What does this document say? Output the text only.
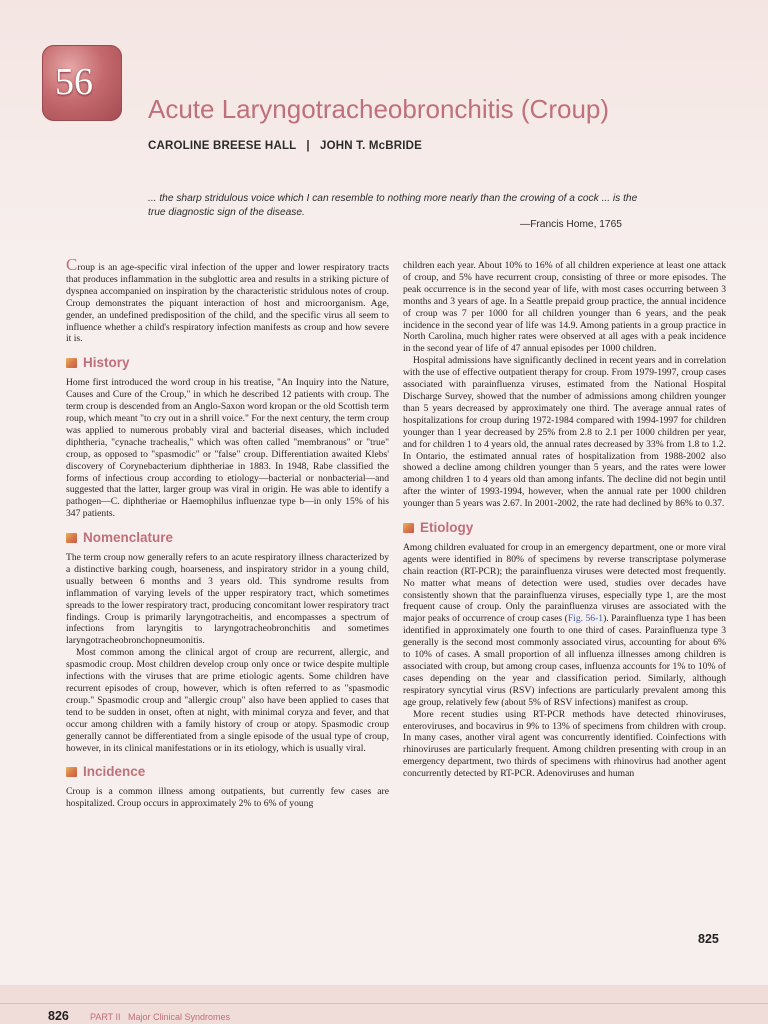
56
Acute Laryngotracheobronchitis (Croup)
CAROLINE BREESE HALL   |   JOHN T. McBRIDE
... the sharp stridulous voice which I can resemble to nothing more nearly than the crowing of a cock ... is the true diagnostic sign of the disease.
—Francis Home, 1765

Croup is an age-specific viral infection of the upper and lower respiratory tracts that produces inflammation in the subglottic area and results in a striking picture of dyspnea accompanied on inspiration by the characteristic stridulous notes of croup. Croup demonstrates the piquant interaction of host and microorganism. Age, gender, an undefined predisposition of the child, and the specific virus all seem to influence whether a child's respiratory infection manifests as croup and how severe it is.

History

Home first introduced the word croup in his treatise, "An Inquiry into the Nature, Causes and Cure of the Croup," in which he described 12 patients with croup. The term croup is descended from an Anglo-Saxon word kropan or the old Scottish term roup, which meant "to cry out in a shrill voice." For the next century, the term croup was applied to numerous probably viral and bacterial diseases, which included diphtheria, "cynache trachealis," which was often called "membranous" or "true" croup, as opposed to "spasmodic" or "false" croup. Differentiation awaited Klebs' discovery of Corynebacterium diphtheriae in 1883. In 1948, Rabe classified the forms of infectious croup according to etiology—bacterial or nonbacterial—and suggested that the latter, larger group was viral in origin. He was able to identify a pathogen—C. diphtheriae or Haemophilus influenzae type b—in only 15% of his 347 patients.

Nomenclature

The term croup now generally refers to an acute respiratory illness characterized by a distinctive barking cough, hoarseness, and inspiratory stridor in a young child, usually between 6 months and 3 years old. This syndrome results from inflammation of varying levels of the upper respiratory tract, which sometimes spreads to the lower respiratory tract, producing concomitant lower respiratory tract findings. Croup is primarily laryngotracheitis, and encompasses a spectrum of infections from laryngitis to laryngotracheobronchitis and sometimes laryngotracheobronchopneumonitis.

Most common among the clinical argot of croup are recurrent, allergic, and spasmodic croup. Most children develop croup only once or twice despite multiple infections with the viruses that are prime etiologic agents. Some children have recurrent episodes of croup, however, which is often referred to as "spasmodic croup." Spasmodic croup and "allergic croup" also have been applied to cases that tend to be sudden in onset, often at night, with minimal coryza and fever, and that occur among children with a family history of croup or atopy. Spasmodic croup generally cannot be differentiated from a single episode of the usual type of croup, however, in its clinical manifestations or in its etiology, which is usually viral.

Incidence

Croup is a common illness among outpatients, but currently few cases are hospitalized. Croup occurs in approximately 2% to 6% of young

children each year. About 10% to 16% of all children experience at least one attack of croup, and 5% have recurrent croup, consisting of three or more episodes. The peak occurrence is in the second year of life, with most cases occurring between 3 months and 3 years of age. In a Seattle prepaid group practice, the annual incidence of croup was 7 per 1000 for all children younger than 6 years, and the peak incidence in the second year of life was 14.9. Among patients in a group practice in North Carolina, much higher rates were observed at all ages with a peak incidence in the second year of life of 47 annual episodes per 1000 children.

Hospital admissions have significantly declined in recent years and in correlation with the use of effective outpatient therapy for croup. From 1979-1997, croup cases associated with parainfluenza viruses, estimated from the National Hospital Discharge Survey, showed that the number of admissions among children younger than 5 years decreased by approximately one third. The average annual rates of hospitalizations for croup during 1972-1984 compared with 1994-1997 for children younger than 1 year decreased by 25% from 2.8 to 2.1 per 1000 children per year, and for children 1 to 4 years old, the annual rates decreased by 33% from 1.8 to 1.2. In Ontario, the estimated annual rates of hospitalization from 1988-2002 also showed a decline among children younger than 5 years, and the rates were lower among children 1 to 4 years old than among infants. The decline did not begin until after the winter of 1993-1994, however, when the annual rate per 1000 children younger than 5 years was 2.67. In 2001-2002, the rate had declined by 86% to 0.37.

Etiology

Among children evaluated for croup in an emergency department, one or more viral agents were identified in 80% of specimens by reverse transcriptase polymerase chain reaction (RT-PCR); the parainfluenza viruses were detected most frequently. No matter what means of detection were used, studies over decades have consistently shown that the parainfluenza viruses, especially type 1, are the most frequent cause of croup. Only the parainfluenza viruses are associated with the major peaks of occurrence of croup cases (Fig. 56-1). Parainfluenza type 1 has been identified in approximately one fourth to one third of cases. Parainfluenza type 3 generally is the second most commonly associated virus, accounting for about 6% to 10% of cases. A small proportion of all influenza illnesses among children is associated with croup, but among croup cases, influenza accounts for 1% to 10% of cases depending on the year and classification period. Similarly, although respiratory syncytial virus (RSV) infections are particularly prevalent among this age group, relatively few (about 5% of RSV infections) manifest as croup.

More recent studies using RT-PCR methods have detected rhinoviruses, enteroviruses, and bocavirus in 9% to 13% of specimens from children with croup. In many cases, another viral agent was concurrently identified. Coinfections with rhinoviruses are particularly frequent. Among children presenting with croup in an emergency department, two thirds of specimens with rhinovirus had another agent concurrently detected by RT-PCR. Adenoviruses and human

825
826 PART II   Major Clinical Syndromes
